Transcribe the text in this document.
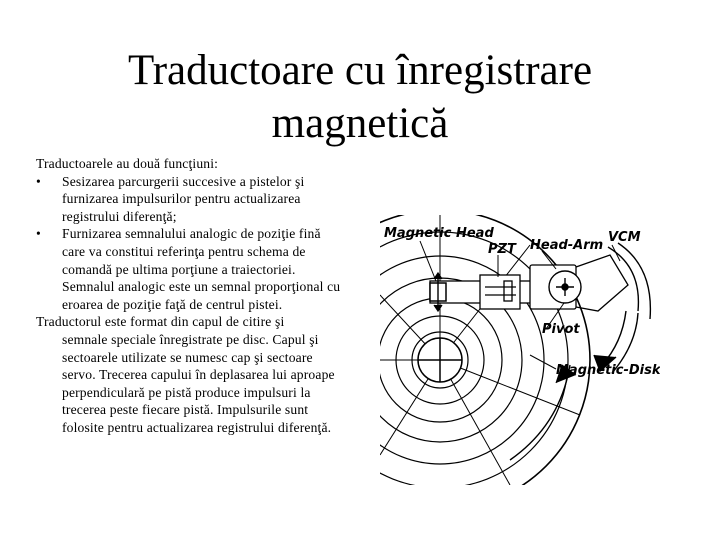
Traductoare cu înregistrare
magnetică

Traductoarele au două funcţiuni:

• Sesizarea parcurgerii succesive a pistelor şi furnizarea impulsurilor pentru actualizarea registrului diferenţă;

• Furnizarea semnalului analogic de poziţie fină care va constitui referinţa pentru schema de comandă pe ultima porţiune a traiectoriei. Semnalul analogic este un semnal proporţional cu eroarea de poziţie faţă de centrul pistei.

Traductorul este format din capul de citire şi

semnale speciale înregistrate pe disc. Capul şi sectoarele utilizate se numesc cap şi sectoare servo. Trecerea capului în deplasarea lui aproape perpendiculară pe pistă produce impulsuri la trecerea peste fiecare pistă. Impulsurile sunt folosite pentru actualizarea registrului diferenţă.

Magnetic Head
PZT Head-Arm
VCM
Pivot
Magnetic-Disk
